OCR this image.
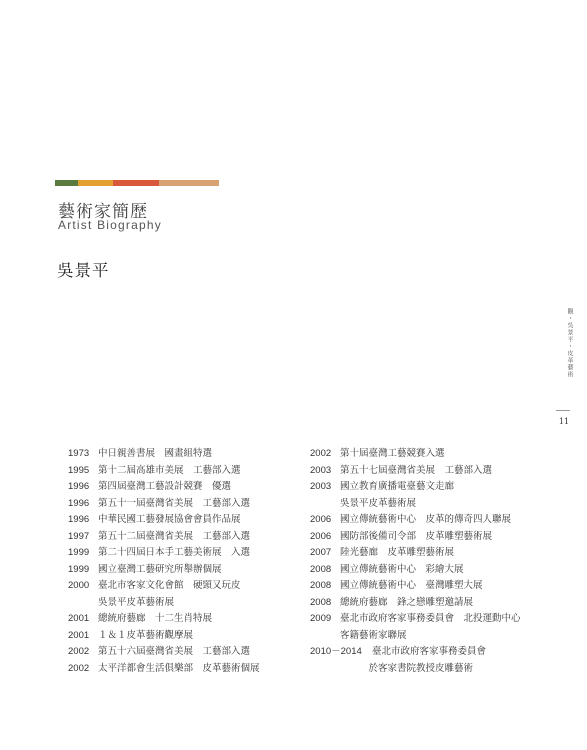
藝術家簡歷
Artist Biography
吳景平
觀・吳景平・皮革藝術
11
1973 中日親善書展　國畫組特選
1995 第十二屆高雄市美展　工藝部入選
1996 第四屆臺灣工藝設計競賽　優選
1996 第五十一屆臺灣省美展　工藝部入選
1996 中華民國工藝發展協會會員作品展
1997 第五十二屆臺灣省美展　工藝部入選
1999 第二十四屆日本手工藝美術展　入選
1999 國立臺灣工藝研究所舉辦個展
2000 臺北市客家文化會館　硬頸又玩皮
吳景平皮革藝術展
2001 總統府藝廊　十二生肖特展
2001 １＆１皮革藝術觀摩展
2002 第五十六屆臺灣省美展　工藝部入選
2002 太平洋都會生活俱樂部　皮革藝術個展
2002 第十屆臺灣工藝競賽入選
2003 第五十七屆臺灣省美展　工藝部入選
2003 國立教育廣播電臺藝文走廊
吳景平皮革藝術展
2006 國立傳統藝術中心　皮革的傳奇四人聯展
2006 國防部後備司令部　皮革雕塑藝術展
2007 陸光藝廊　皮革雕塑藝術展
2008 國立傳統藝術中心　彩繪大展
2008 國立傳統藝術中心　臺灣雕塑大展
2008 總統府藝廊　鋒之戀雕塑邀請展
2009 臺北市政府客家事務委員會　北投運動中心
客籍藝術家聯展
2010－2014	臺北市政府客家事務委員會
　　　於客家書院教授皮雕藝術
